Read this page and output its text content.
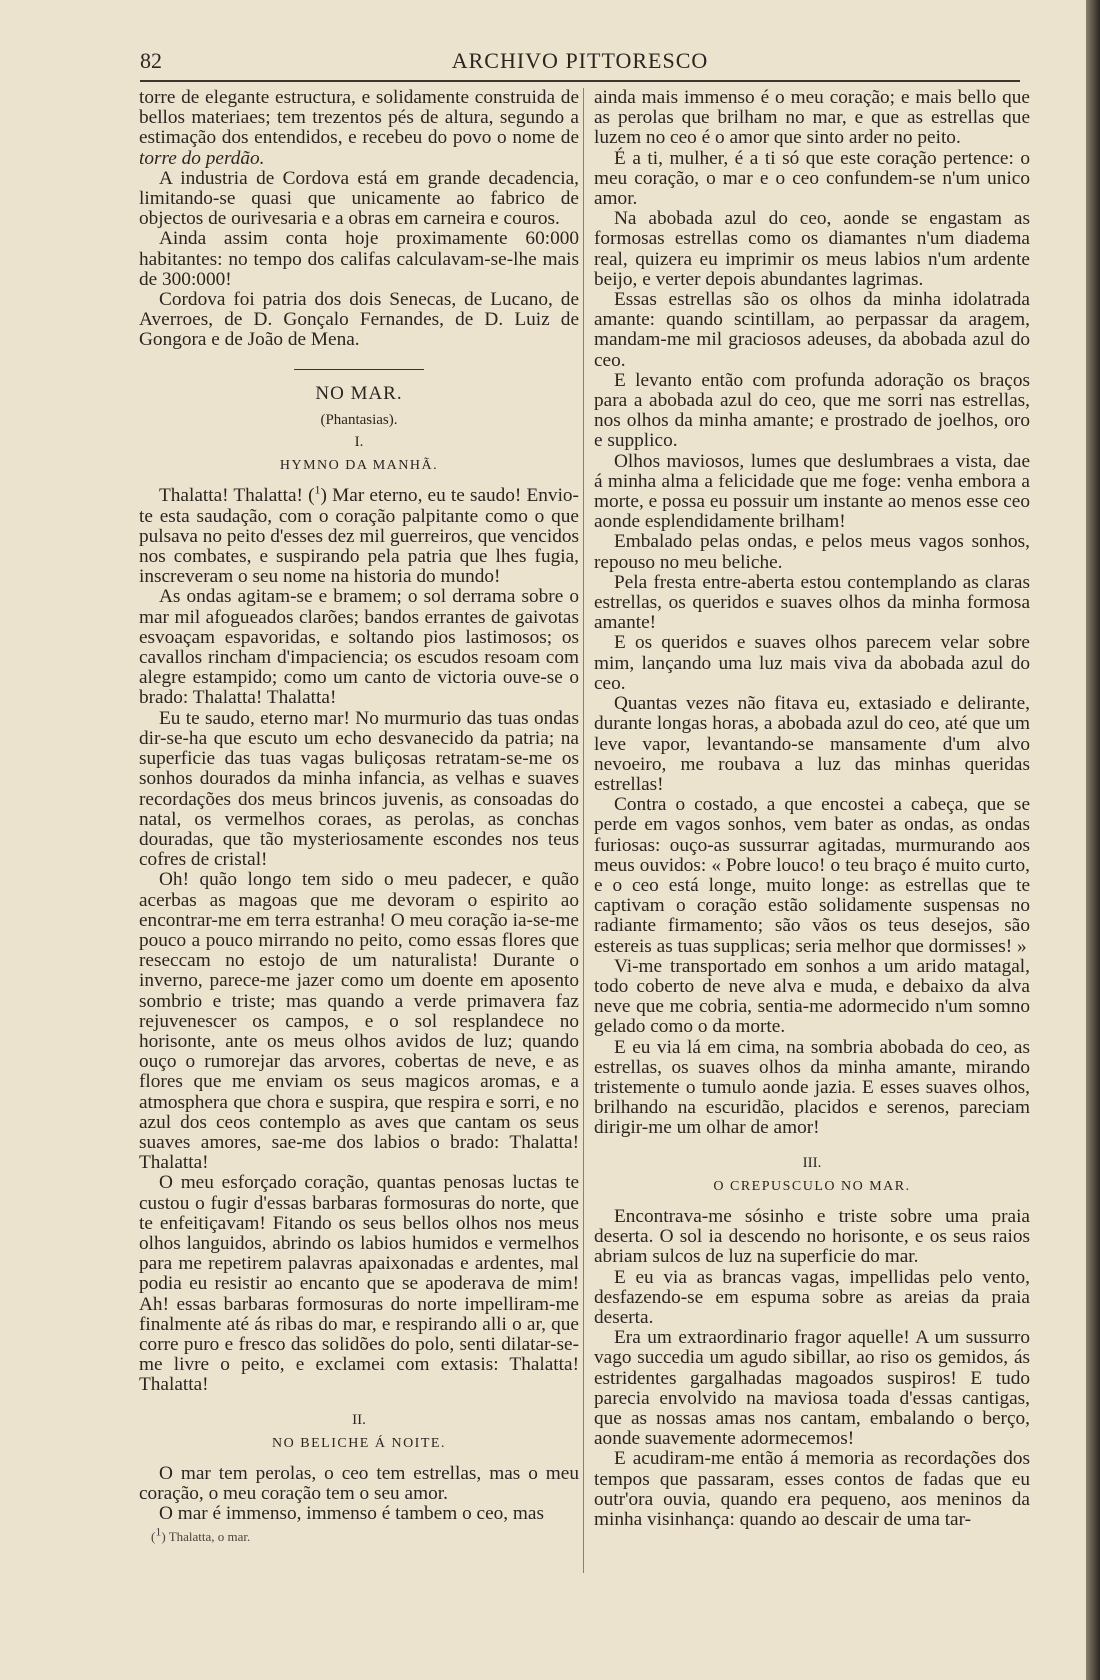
82	ARCHIVO PITTORESCO

torre de elegante estructura, e solidamente construida de bellos materiaes; tem trezentos pés de altura, segundo a estimação dos entendidos, e recebeu do povo o nome de torre do perdão.

A industria de Cordova está em grande decadencia, limitando-se quasi que unicamente ao fabrico de objectos de ourivesaria e a obras em carneira e couros.

Ainda assim conta hoje proximamente 60:000 habitantes: no tempo dos califas calculavam-se-lhe mais de 300:000!

Cordova foi patria dos dois Senecas, de Lucano, de Averroes, de D. Gonçalo Fernandes, de D. Luiz de Gongora e de João de Mena.

NO MAR.

(Phantasias).

I.

HYMNO DA MANHÃ.

Thalatta! Thalatta! ($^1$) Mar eterno, eu te saudo! Envio-te esta saudação, com o coração palpitante como o que pulsava no peito d'esses dez mil guerreiros, que vencidos nos combates, e suspirando pela patria que lhes fugia, inscreveram o seu nome na historia do mundo!

As ondas agitam-se e bramem; o sol derrama sobre o mar mil afogueados clarões; bandos errantes de gaivotas esvoaçam espavoridas, e soltando pios lastimosos; os cavallos rincham d'impaciencia; os escudos resoam com alegre estampido; como um canto de victoria ouve-se o brado: Thalatta! Thalatta!

Eu te saudo, eterno mar! No murmurio das tuas ondas dir-se-ha que escuto um echo desvanecido da patria; na superficie das tuas vagas buliçosas retratam-se-me os sonhos dourados da minha infancia, as velhas e suaves recordações dos meus brincos juvenis, as consoadas do natal, os vermelhos coraes, as perolas, as conchas douradas, que tão mysteriosamente escondes nos teus cofres de cristal!

Oh! quão longo tem sido o meu padecer, e quão acerbas as magoas que me devoram o espirito ao encontrar-me em terra estranha! O meu coração ia-se-me pouco a pouco mirrando no peito, como essas flores que reseccam no estojo de um naturalista! Durante o inverno, parece-me jazer como um doente em aposento sombrio e triste; mas quando a verde primavera faz rejuvenescer os campos, e o sol resplandece no horisonte, ante os meus olhos avidos de luz; quando ouço o rumorejar das arvores, cobertas de neve, e as flores que me enviam os seus magicos aromas, e a atmosphera que chora e suspira, que respira e sorri, e no azul dos ceos contemplo as aves que cantam os seus suaves amores, sae-me dos labios o brado: Thalatta! Thalatta!

O meu esforçado coração, quantas penosas luctas te custou o fugir d'essas barbaras formosuras do norte, que te enfeitiçavam! Fitando os seus bellos olhos nos meus olhos languidos, abrindo os labios humidos e vermelhos para me repetirem palavras apaixonadas e ardentes, mal podia eu resistir ao encanto que se apoderava de mim! Ah! essas barbaras formosuras do norte impelliram-me finalmente até ás ribas do mar, e respirando alli o ar, que corre puro e fresco das solidões do polo, senti dilatar-se-me livre o peito, e exclamei com extasis: Thalatta! Thalatta!

II.

NO BELICHE Á NOITE.

O mar tem perolas, o ceo tem estrellas, mas o meu coração, o meu coração tem o seu amor.

O mar é immenso, immenso é tambem o ceo, mas

($^1$) Thalatta, o mar.

ainda mais immenso é o meu coração; e mais bello que as perolas que brilham no mar, e que as estrellas que luzem no ceo é o amor que sinto arder no peito.

É a ti, mulher, é a ti só que este coração pertence: o meu coração, o mar e o ceo confundem-se n'um unico amor.

Na abobada azul do ceo, aonde se engastam as formosas estrellas como os diamantes n'um diadema real, quizera eu imprimir os meus labios n'um ardente beijo, e verter depois abundantes lagrimas.

Essas estrellas são os olhos da minha idolatrada amante: quando scintillam, ao perpassar da aragem, mandam-me mil graciosos adeuses, da abobada azul do ceo.

E levanto então com profunda adoração os braços para a abobada azul do ceo, que me sorri nas estrellas, nos olhos da minha amante; e prostrado de joelhos, oro e supplico.

Olhos maviosos, lumes que deslumbraes a vista, dae á minha alma a felicidade que me foge: venha embora a morte, e possa eu possuir um instante ao menos esse ceo aonde esplendidamente brilham!

Embalado pelas ondas, e pelos meus vagos sonhos, repouso no meu beliche.

Pela fresta entre-aberta estou contemplando as claras estrellas, os queridos e suaves olhos da minha formosa amante!

E os queridos e suaves olhos parecem velar sobre mim, lançando uma luz mais viva da abobada azul do ceo.

Quantas vezes não fitava eu, extasiado e delirante, durante longas horas, a abobada azul do ceo, até que um leve vapor, levantando-se mansamente d'um alvo nevoeiro, me roubava a luz das minhas queridas estrellas!

Contra o costado, a que encostei a cabeça, que se perde em vagos sonhos, vem bater as ondas, as ondas furiosas: ouço-as sussurrar agitadas, murmurando aos meus ouvidos: « Pobre louco! o teu braço é muito curto, e o ceo está longe, muito longe: as estrellas que te captivam o coração estão solidamente suspensas no radiante firmamento; são vãos os teus desejos, são estereis as tuas supplicas; seria melhor que dormisses! »

Vi-me transportado em sonhos a um arido matagal, todo coberto de neve alva e muda, e debaixo da alva neve que me cobria, sentia-me adormecido n'um somno gelado como o da morte.

E eu via lá em cima, na sombria abobada do ceo, as estrellas, os suaves olhos da minha amante, mirando tristemente o tumulo aonde jazia. E esses suaves olhos, brilhando na escuridão, placidos e serenos, pareciam dirigir-me um olhar de amor!

III.

O CREPUSCULO NO MAR.

Encontrava-me sósinho e triste sobre uma praia deserta. O sol ia descendo no horisonte, e os seus raios abriam sulcos de luz na superficie do mar.

E eu via as brancas vagas, impellidas pelo vento, desfazendo-se em espuma sobre as areias da praia deserta.

Era um extraordinario fragor aquelle! A um sussurro vago succedia um agudo sibillar, ao riso os gemidos, ás estridentes gargalhadas magoados suspiros! E tudo parecia envolvido na maviosa toada d'essas cantigas, que as nossas amas nos cantam, embalando o berço, aonde suavemente adormecemos!

E acudiram-me então á memoria as recordações dos tempos que passaram, esses contos de fadas que eu outr'ora ouvia, quando era pequeno, aos meninos da minha visinhança: quando ao descair de uma tar-
